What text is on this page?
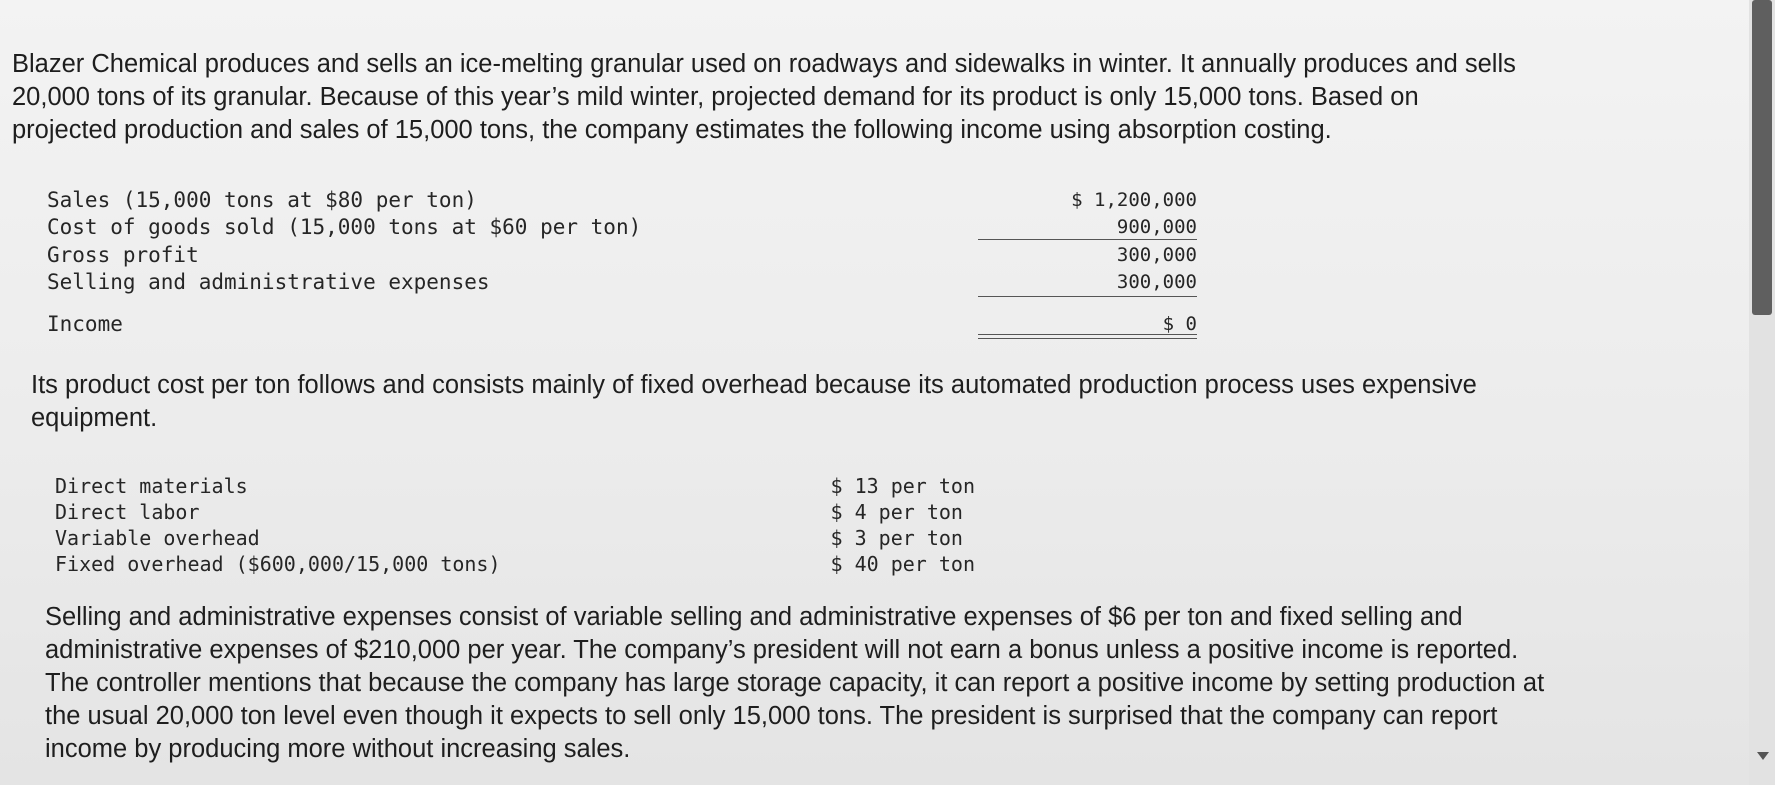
Blazer Chemical produces and sells an ice-melting granular used on roadways and sidewalks in winter. It annually produces and sells
20,000 tons of its granular. Because of this year’s mild winter, projected demand for its product is only 15,000 tons. Based on
projected production and sales of 15,000 tons, the company estimates the following income using absorption costing.
Sales (15,000 tons at $80 per ton)	$ 1,200,000
Cost of goods sold (15,000 tons at $60 per ton)	900,000
Gross profit	300,000
Selling and administrative expenses	300,000
Income	$ 0
Its product cost per ton follows and consists mainly of fixed overhead because its automated production process uses expensive
equipment.
Direct materials	$ 13 per ton
Direct labor	$ 4 per ton
Variable overhead	$ 3 per ton
Fixed overhead ($600,000/15,000 tons)	$ 40 per ton
Selling and administrative expenses consist of variable selling and administrative expenses of $6 per ton and fixed selling and
administrative expenses of $210,000 per year. The company’s president will not earn a bonus unless a positive income is reported.
The controller mentions that because the company has large storage capacity, it can report a positive income by setting production at
the usual 20,000 ton level even though it expects to sell only 15,000 tons. The president is surprised that the company can report
income by producing more without increasing sales.
